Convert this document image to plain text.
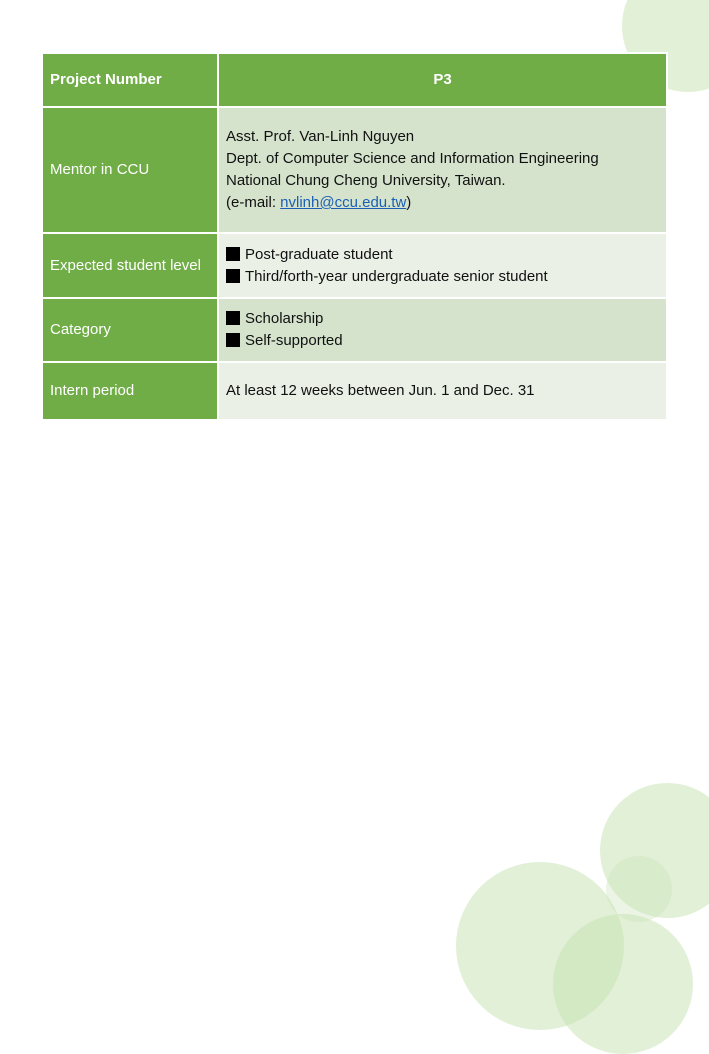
Project Number	P3
Mentor in CCU	Asst. Prof. Van-Linh Nguyen
Dept. of Computer Science and Information Engineering
National Chung Cheng University, Taiwan.
(e-mail: nvlinh@ccu.edu.tw)

Expected student level	Post-graduate student
Third/forth-year undergraduate senior student

Category	Scholarship
Self-supported

Intern period	At least 12 weeks between Jun. 1 and Dec. 31
